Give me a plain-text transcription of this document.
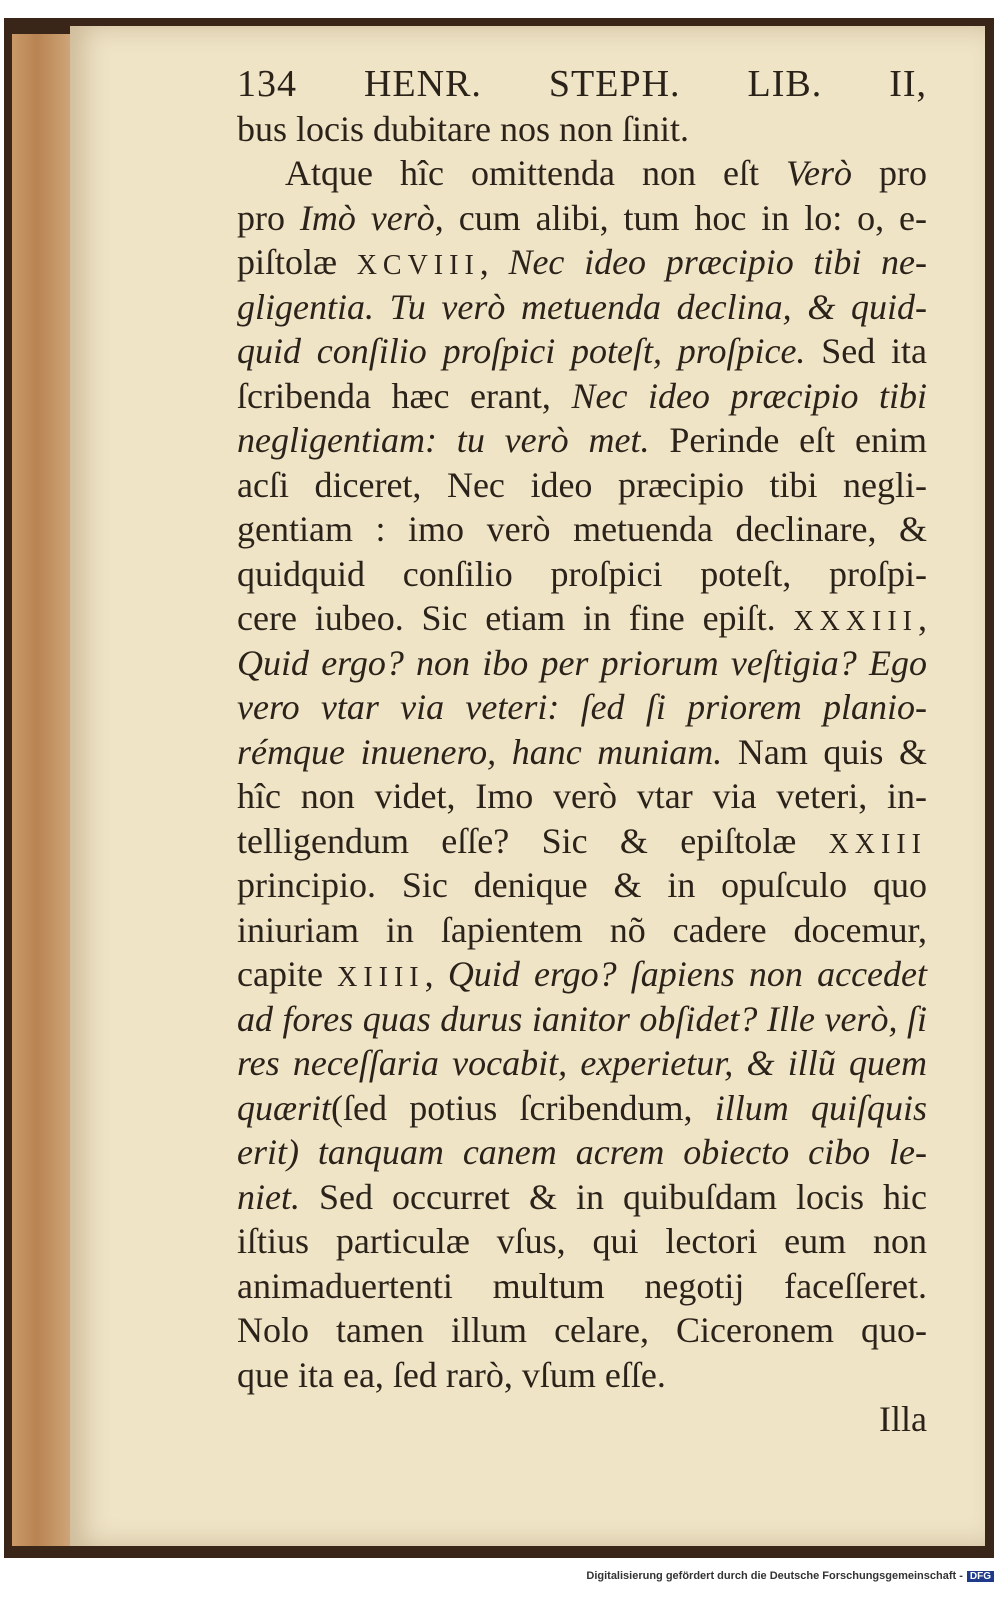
134 HENR. STEPH. LIB. II,
bus locis dubitare nos non ſinit.
Atque hîc omittenda non eſt Verò pro
pro Imò verò, cum alibi, tum hoc in lo: o, e-
piſtolæ XCVIII, Nec ideo præcipio tibi ne-
gligentia. Tu verò metuenda declina, & quid-
quid conſilio proſpici poteſt, proſpice. Sed ita
ſcribenda hæc erant, Nec ideo præcipio tibi
negligentiam: tu verò met. Perinde eſt enim
acſi diceret, Nec ideo præcipio tibi negli-
gentiam : imo verò metuenda declinare, &
quidquid conſilio proſpici poteſt, proſpi-
cere iubeo. Sic etiam in fine epiſt. XXXIII,
Quid ergo? non ibo per priorum veſtigia? Ego
vero vtar via veteri: ſed ſi priorem planio-
rémque inuenero, hanc muniam. Nam quis &
hîc non videt, Imo verò vtar via veteri, in-
telligendum eſſe? Sic & epiſtolæ XXIII
principio. Sic denique & in opuſculo quo
iniuriam in ſapientem nõ cadere docemur,
capite XIIII, Quid ergo? ſapiens non accedet
ad fores quas durus ianitor obſidet? Ille verò, ſi
res neceſſaria vocabit, experietur, & illũ quem
quærit(ſed potius ſcribendum, illum quiſquis
erit) tanquam canem acrem obiecto cibo le-
niet. Sed occurret & in quibuſdam locis hic
iſtius particulæ vſus, qui lectori eum non
animaduertenti multum negotij faceſſeret.
Nolo tamen illum celare, Ciceronem quo-
que ita ea, ſed rarò, vſum eſſe.
Illa
Digitalisierung gefördert durch die Deutsche Forschungsgemeinschaft - DFG
